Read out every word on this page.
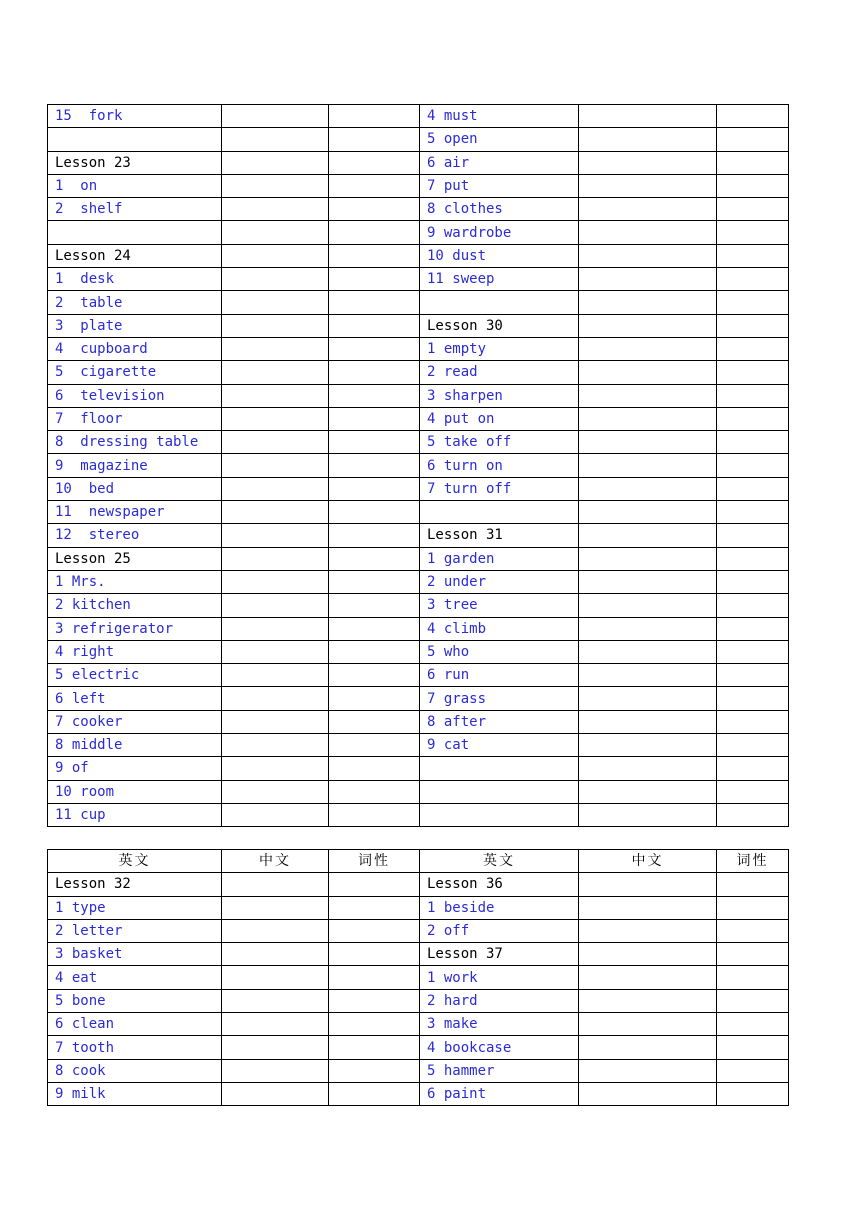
15  fork			4 must		
			5 open		
Lesson 23			6 air		
1  on			7 put		
2  shelf			8 clothes		
			9 wardrobe		
Lesson 24			10 dust		
1  desk			11 sweep		
2  table					
3  plate			Lesson 30		
4  cupboard			1 empty		
5  cigarette			2 read		
6  television			3 sharpen		
7  floor			4 put on		
8  dressing table			5 take off		
9  magazine			6 turn on		
10  bed			7 turn off		
11  newspaper					
12  stereo			Lesson 31		
Lesson 25			1 garden		
1 Mrs.			2 under		
2 kitchen			3 tree		
3 refrigerator			4 climb		
4 right			5 who		
5 electric			6 run		
6 left			7 grass		
7 cooker			8 after		
8 middle			9 cat		
9 of					
10 room					
11 cup					
英文	中文	词性	英文	中文	词性
Lesson 32			Lesson 36		
1 type			1 beside		
2 letter			2 off		
3 basket			Lesson 37		
4 eat			1 work		
5 bone			2 hard		
6 clean			3 make		
7 tooth			4 bookcase		
8 cook			5 hammer		
9 milk			6 paint		
